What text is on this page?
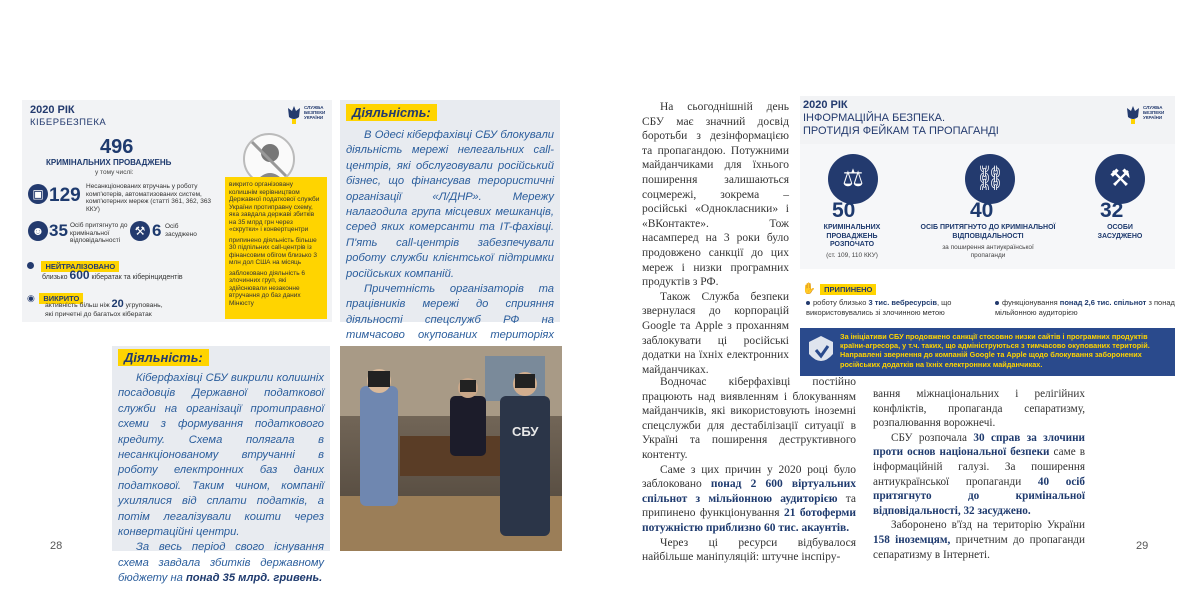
2020 РІК
КІБЕРБЕЗПЕКА
СЛУЖБА БЕЗПЕКИ УКРАЇНИ
496
КРИМІНАЛЬНИХ ПРОВАДЖЕНЬ
у тому числі:
▣ 129 Несанкціонованих втручань у роботу комп'ютерів, автоматизованих систем, комп'ютерних мереж (статті 361, 362, 363 ККУ)
☻ 35 Осіб притягнуто до кримінальної відповідальності
⚒ 6 Осіб засуджено
викрито організовану колишнім керівництвом Державної податкової служби України протиправну схему, яка завдала державі збитків на 35 млрд грн через «скрутки» і конвертцентри
припинено діяльність більше 30 підпільних call-центрів із фінансовим обігом близько 3 млн дол США на місяць
заблоковано діяльність 6 злочинних груп, які здійснювали незаконне втручання до баз даних Мінюсту
НЕЙТРАЛІЗОВАНО
близько 600 кібератак та кіберінцидентів
◉ ВИКРИТО
активність більш ніж 20 угруповань,
які причетні до багатьох кібератак
Діяльність:

В Одесі кіберфахівці СБУ блокували діяльність мережі нелегальних call-центрів, які обслуговували російський бізнес, що фінансував терористичні організації «Л/ДНР». Мережу налагодила група місцевих мешканців, серед яких комерсанти та IT-фахівці. П'ять call-центрів забезпечували роботу служби клієнтської підтримки російських компаній.

Причетність організаторів та працівників мережі до сприяння діяльності спецслужб РФ на тимчасово окупованих територіях

Діяльність:

Кіберфахівці СБУ викрили колишніх посадовців Державної податкової служби на організації протиправної схеми з формування податкового кредиту. Схема полягала в несанкціонованому втручанні в роботу електронних баз даних податкової. Таким чином, компанії ухилялися від сплати податків, а потім легалізували кошти через конвертаційні центри.

За весь період свого існування схема завдала збитків державному бюджету на понад 35 млрд. гривень.

СБУ
28

На сьогоднішній день СБУ має значний досвід боротьби з дезінформацією та пропагандою. Потужними майданчиками для їхнього поширення залишаються соцмережі, зокрема – російські «Однокласники» і «ВКонтакте». Тож насамперед на 3 роки було продовжено санкції до цих мереж і низки програмних продуктів з РФ.

Також Служба безпеки звернулася до корпорацій Google та Apple з проханням заблокувати ці російські додатки на їхніх електронних майданчиках.

Водночас кіберфахівці постійно працюють над виявленням і блокуванням майданчиків, які використовують іноземні спецслужби для дестабілізації ситуації в Україні та поширення деструктивного контенту.

Саме з цих причин у 2020 році було заблоковано понад 2 600 віртуальних спільнот з мільйонною аудиторією та припинено функціонування 21 ботоферми потужністю приблизно 60 тис. акаунтів.

Через ці ресурси відбувалося найбільше маніпуляцій: штучне інспіру-

2020 РІК
ІНФОРМАЦІЙНА БЕЗПЕКА.
ПРОТИДІЯ ФЕЙКАМ ТА ПРОПАГАНДІ
СЛУЖБА БЕЗПЕКИ УКРАЇНИ
⚖
50
КРИМІНАЛЬНИХ ПРОВАДЖЕНЬ РОЗПОЧАТО
(ст. 109, 110 ККУ)
⛓
40
ОСІБ ПРИТЯГНУТО ДО КРИМІНАЛЬНОЇ ВІДПОВІДАЛЬНОСТІ
за поширення антиукраїнської пропаганди
⚒
32
ОСОБИ ЗАСУДЖЕНО
✋ ПРИПИНЕНО
роботу близько 3 тис. вебресурсів, що використовувались зі злочинною метою
функціонування понад 2,6 тис. спільнот з понад мільйонною аудиторією
За ініціативи СБУ продовжено санкції стосовно низки сайтів і програмних продуктів країни-агресора, у т.ч. таких, що адмініструються з тимчасово окупованих територій. Направлені звернення до компаній Google та Apple щодо блокування заборонених російських додатків на їхніх електронних майданчиках.

вання міжнаціональних і релігійних конфліктів, пропаганда сепаратизму, розпалювання ворожнечі.

СБУ розпочала 30 справ за злочини проти основ національної безпеки саме в інформаційній галузі. За поширення антиукраїнської пропаганди 40 осіб притягнуто до кримінальної відповідальності, 32 засуджено.

Заборонено в'їзд на територію України 158 іноземцям, причетним до пропаганди сепаратизму в Інтернеті.

29
